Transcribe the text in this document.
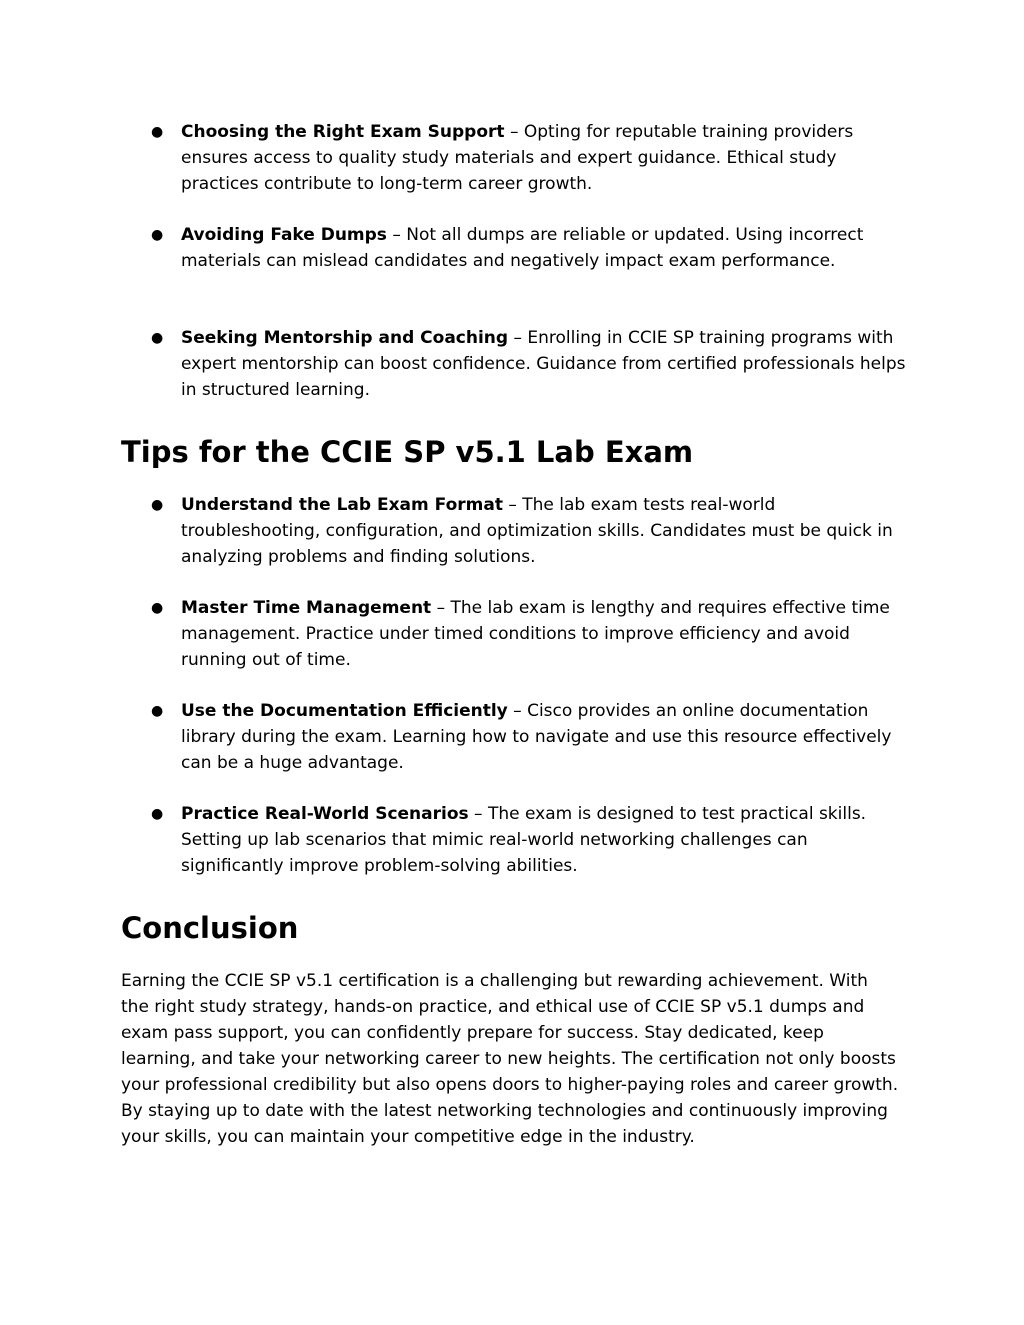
● Choosing the Right Exam Support – Opting for reputable training providers ensures access to quality study materials and expert guidance. Ethical study practices contribute to long-term career growth.
● Avoiding Fake Dumps – Not all dumps are reliable or updated. Using incorrect materials can mislead candidates and negatively impact exam performance.
● Seeking Mentorship and Coaching – Enrolling in CCIE SP training programs with expert mentorship can boost confidence. Guidance from certified professionals helps in structured learning.
Tips for the CCIE SP v5.1 Lab Exam
● Understand the Lab Exam Format – The lab exam tests real-world troubleshooting, configuration, and optimization skills. Candidates must be quick in analyzing problems and finding solutions.
● Master Time Management – The lab exam is lengthy and requires effective time management. Practice under timed conditions to improve efficiency and avoid running out of time.
● Use the Documentation Efficiently – Cisco provides an online documentation library during the exam. Learning how to navigate and use this resource effectively can be a huge advantage.
● Practice Real-World Scenarios – The exam is designed to test practical skills. Setting up lab scenarios that mimic real-world networking challenges can significantly improve problem-solving abilities.
Conclusion

Earning the CCIE SP v5.1 certification is a challenging but rewarding achievement. With the right study strategy, hands-on practice, and ethical use of CCIE SP v5.1 dumps and exam pass support, you can confidently prepare for success. Stay dedicated, keep learning, and take your networking career to new heights. The certification not only boosts your professional credibility but also opens doors to higher-paying roles and career growth. By staying up to date with the latest networking technologies and continuously improving your skills, you can maintain your competitive edge in the industry.
